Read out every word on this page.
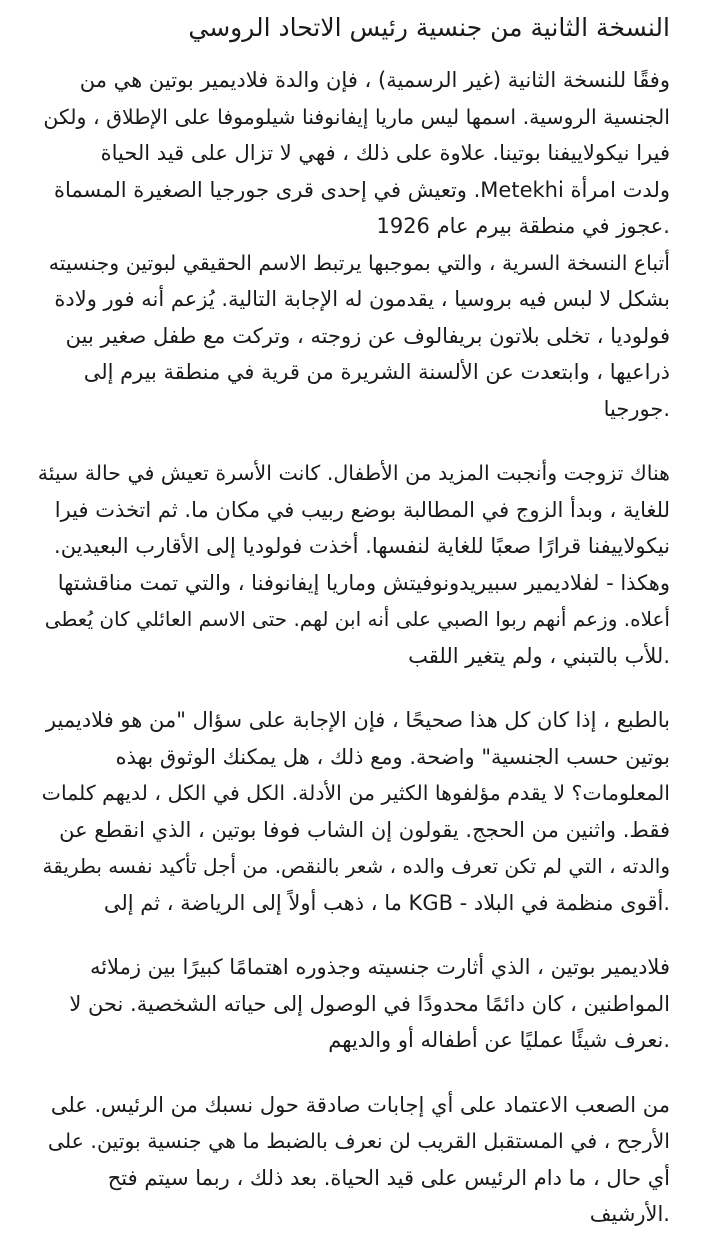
النسخة الثانية من جنسية رئيس الاتحاد الروسي
وفقًا للنسخة الثانية (غير الرسمية) ، فإن والدة فلاديمير بوتين هي من
الجنسية الروسية. اسمها ليس ماريا إيفانوفنا شيلوموفا على الإطلاق ، ولكن
فيرا نيكولاييفنا بوتينا. علاوة على ذلك ، فهي لا تزال على قيد الحياة
ولدت امرأة Metekhi. وتعيش في إحدى قرى جورجيا الصغيرة المسماة
.عجوز في منطقة بيرم عام 1926
أتباع النسخة السرية ، والتي بموجبها يرتبط الاسم الحقيقي لبوتين وجنسيته
بشكل لا لبس فيه بروسيا ، يقدمون له الإجابة التالية. يُزعم أنه فور ولادة
فولوديا ، تخلى بلاتون بريفالوف عن زوجته ، وتركت مع طفل صغير بين
ذراعيها ، وابتعدت عن الألسنة الشريرة من قرية في منطقة بيرم إلى
.جورجيا
هناك تزوجت وأنجبت المزيد من الأطفال. كانت الأسرة تعيش في حالة سيئة
للغاية ، وبدأ الزوج في المطالبة بوضع ربيب في مكان ما. ثم اتخذت فيرا
نيكولاييفنا قرارًا صعبًا للغاية لنفسها. أخذت فولوديا إلى الأقارب البعيدين.
وهكذا - لفلاديمير سبيريدونوفيتش وماريا إيفانوفنا ، والتي تمت مناقشتها
أعلاه. وزعم أنهم ربوا الصبي على أنه ابن لهم. حتى الاسم العائلي كان يُعطى
.للأب بالتبني ، ولم يتغير اللقب
بالطبع ، إذا كان كل هذا صحيحًا ، فإن الإجابة على سؤال "من هو فلاديمير
بوتين حسب الجنسية" واضحة. ومع ذلك ، هل يمكنك الوثوق بهذه
المعلومات؟ لا يقدم مؤلفوها الكثير من الأدلة. الكل في الكل ، لديهم كلمات
فقط. واثنين من الحجج. يقولون إن الشاب فوفا بوتين ، الذي انقطع عن
والدته ، التي لم تكن تعرف والده ، شعر بالنقص. من أجل تأكيد نفسه بطريقة
.أقوى منظمة في البلاد - KGB ما ، ذهب أولاً إلى الرياضة ، ثم إلى
فلاديمير بوتين ، الذي أثارت جنسيته وجذوره اهتمامًا كبيرًا بين زملائه
المواطنين ، كان دائمًا محدودًا في الوصول إلى حياته الشخصية. نحن لا
.نعرف شيئًا عمليًا عن أطفاله أو والديهم
من الصعب الاعتماد على أي إجابات صادقة حول نسبك من الرئيس. على
الأرجح ، في المستقبل القريب لن نعرف بالضبط ما هي جنسية بوتين. على
أي حال ، ما دام الرئيس على قيد الحياة. بعد ذلك ، ربما سيتم فتح
.الأرشيف
